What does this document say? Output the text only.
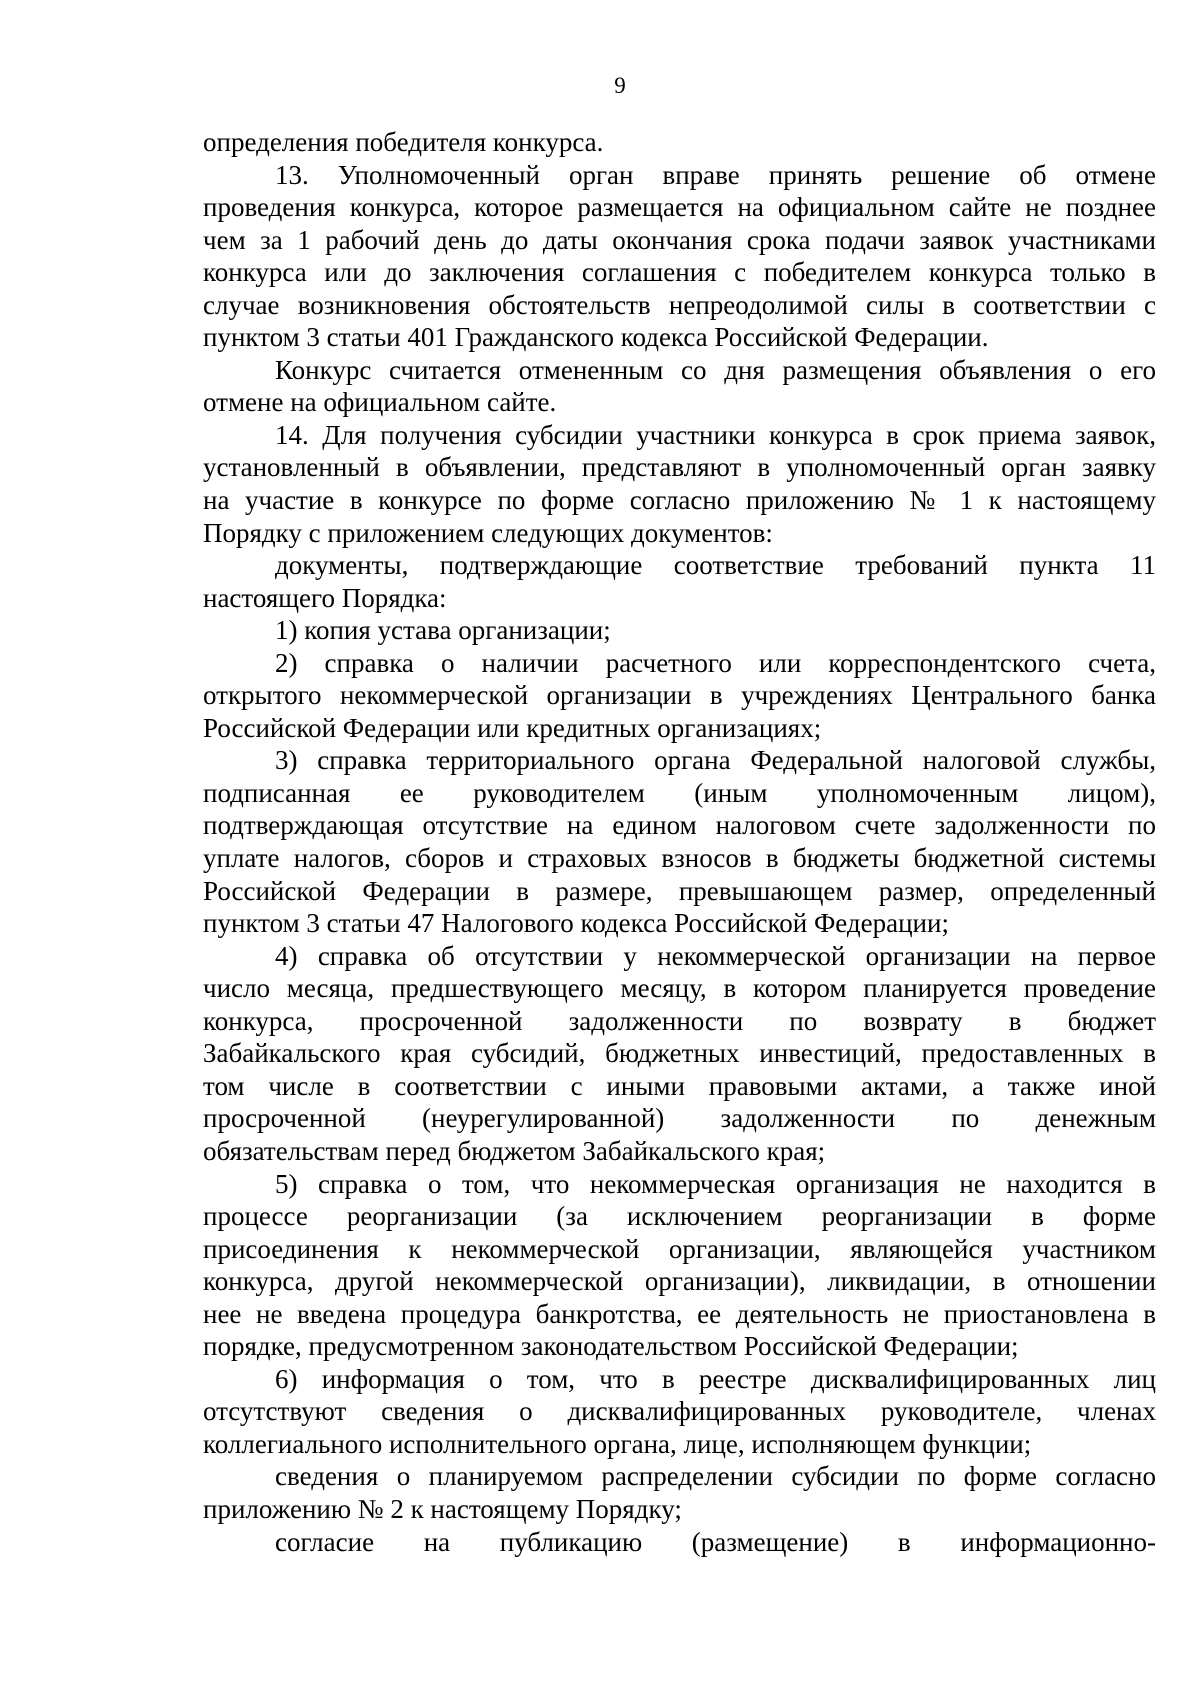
9
определения победителя конкурса.
13. Уполномоченный орган вправе принять решение об отмене
проведения конкурса, которое размещается на официальном сайте не позднее
чем за 1 рабочий день до даты окончания срока подачи заявок участниками
конкурса или до заключения соглашения с победителем конкурса только в
случае возникновения обстоятельств непреодолимой силы в соответствии с
пунктом 3 статьи 401 Гражданского кодекса Российской Федерации.
Конкурс считается отмененным со дня размещения объявления о его
отмене на официальном сайте.
14. Для получения субсидии участники конкурса в срок приема заявок,
установленный в объявлении, представляют в уполномоченный орган заявку
на участие в конкурсе по форме согласно приложению № 1 к настоящему
Порядку с приложением следующих документов:
документы, подтверждающие соответствие требований пункта 11
настоящего Порядка:
1) копия устава организации;
2) справка о наличии расчетного или корреспондентского счета,
открытого некоммерческой организации в учреждениях Центрального банка
Российской Федерации или кредитных организациях;
3) справка территориального органа Федеральной налоговой службы,
подписанная ее руководителем (иным уполномоченным лицом),
подтверждающая отсутствие на едином налоговом счете задолженности по
уплате налогов, сборов и страховых взносов в бюджеты бюджетной системы
Российской Федерации в размере, превышающем размер, определенный
пунктом 3 статьи 47 Налогового кодекса Российской Федерации;
4) справка об отсутствии у некоммерческой организации на первое
число месяца, предшествующего месяцу, в котором планируется проведение
конкурса, просроченной задолженности по возврату в бюджет
Забайкальского края субсидий, бюджетных инвестиций, предоставленных в
том числе в соответствии с иными правовыми актами, а также иной
просроченной (неурегулированной) задолженности по денежным
обязательствам перед бюджетом Забайкальского края;
5) справка о том, что некоммерческая организация не находится в
процессе реорганизации (за исключением реорганизации в форме
присоединения к некоммерческой организации, являющейся участником
конкурса, другой некоммерческой организации), ликвидации, в отношении
нее не введена процедура банкротства, ее деятельность не приостановлена в
порядке, предусмотренном законодательством Российской Федерации;
6) информация о том, что в реестре дисквалифицированных лиц
отсутствуют сведения о дисквалифицированных руководителе, членах
коллегиального исполнительного органа, лице, исполняющем функции;
сведения о планируемом распределении субсидии по форме согласно
приложению № 2 к настоящему Порядку;
согласие на публикацию (размещение) в информационно-
